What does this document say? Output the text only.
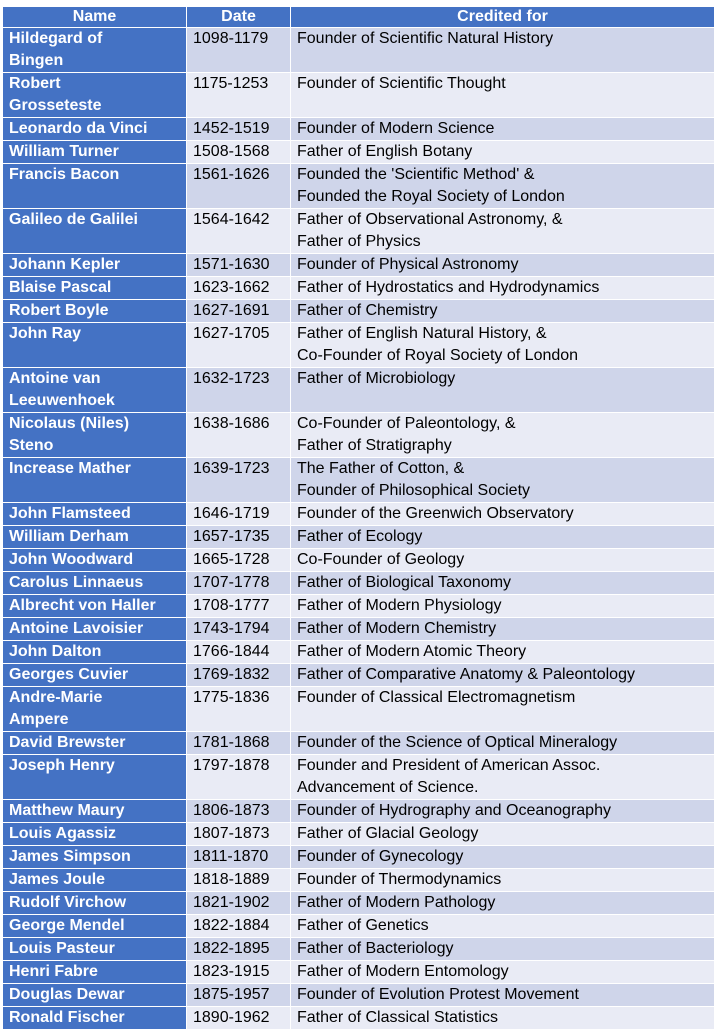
Name	Date	Credited for
Hildegard of
Bingen	1098-1179	Founder of Scientific Natural History
Robert
Grosseteste	1175-1253	Founder of Scientific Thought
Leonardo da Vinci	1452-1519	Founder of Modern Science
William Turner	1508-1568	Father of English Botany
Francis Bacon	1561-1626	Founded the 'Scientific Method' &
Founded the Royal Society of London
Galileo de Galilei	1564-1642	Father of Observational Astronomy, &
Father of Physics
Johann Kepler	1571-1630	Founder of Physical Astronomy
Blaise Pascal	1623-1662	Father of Hydrostatics and Hydrodynamics
Robert Boyle	1627-1691	Father of Chemistry
John Ray	1627-1705	Father of English Natural History, &
Co-Founder of Royal Society of London
Antoine van
Leeuwenhoek	1632-1723	Father of Microbiology
Nicolaus (Niles)
Steno	1638-1686	Co-Founder of Paleontology, &
Father of Stratigraphy
Increase Mather	1639-1723	The Father of Cotton, &
Founder of Philosophical Society
John Flamsteed	1646-1719	Founder of the Greenwich Observatory
William Derham	1657-1735	Father of Ecology
John Woodward	1665-1728	Co-Founder of Geology
Carolus Linnaeus	1707-1778	Father of Biological Taxonomy
Albrecht von Haller	1708-1777	Father of Modern Physiology
Antoine Lavoisier	1743-1794	Father of Modern Chemistry
John Dalton	1766-1844	Father of Modern Atomic Theory
Georges Cuvier	1769-1832	Father of Comparative Anatomy & Paleontology
Andre-Marie
Ampere	1775-1836	Founder of Classical Electromagnetism
David Brewster	1781-1868	Founder of the Science of Optical Mineralogy
Joseph Henry	1797-1878	Founder and President of American Assoc.
Advancement of Science.
Matthew Maury	1806-1873	Founder of Hydrography and Oceanography
Louis Agassiz	1807-1873	Father of Glacial Geology
James Simpson	1811-1870	Founder of Gynecology
James Joule	1818-1889	Founder of Thermodynamics
Rudolf Virchow	1821-1902	Father of Modern Pathology
George Mendel	1822-1884	Father of Genetics
Louis Pasteur	1822-1895	Father of Bacteriology
Henri Fabre	1823-1915	Father of Modern Entomology
Douglas Dewar	1875-1957	Founder of Evolution Protest Movement
Ronald Fischer	1890-1962	Father of Classical Statistics
